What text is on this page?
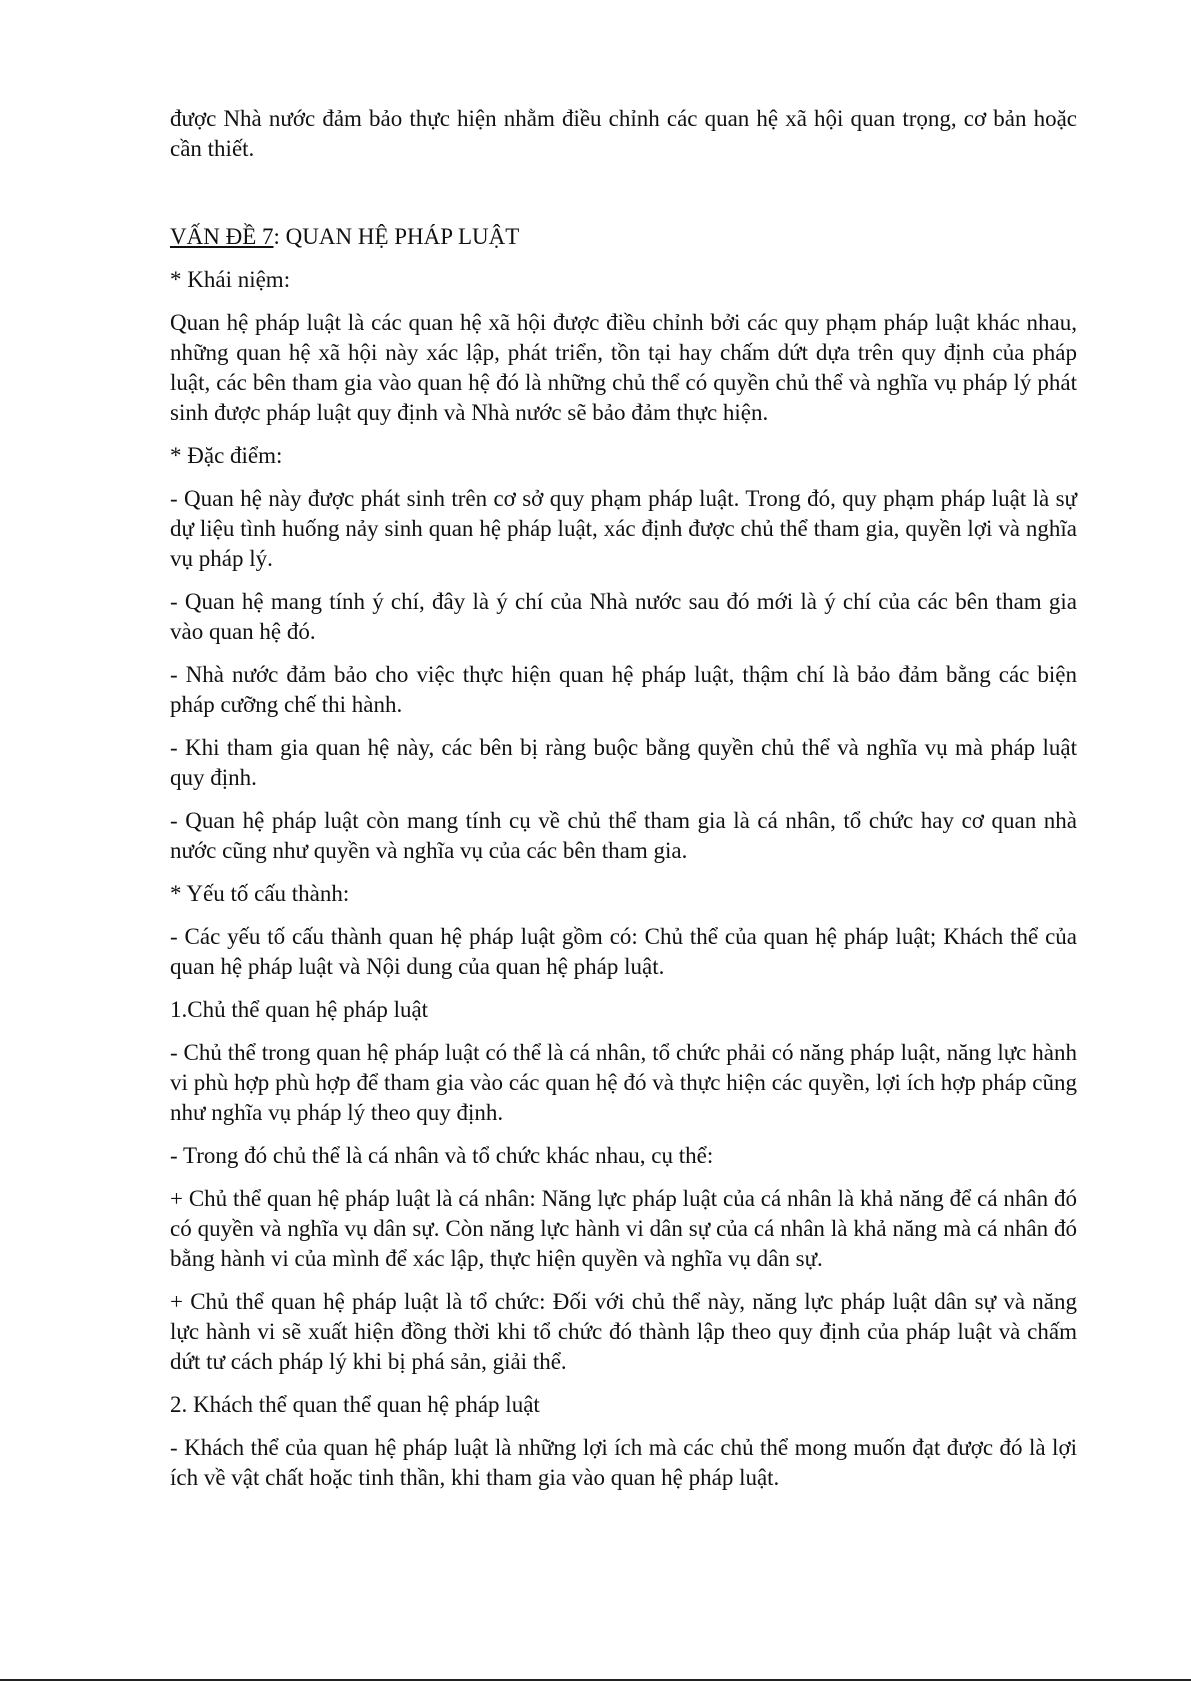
được Nhà nước đảm bảo thực hiện nhằm điều chỉnh các quan hệ xã hội quan trọng, cơ bản hoặc cần thiết.

VẤN ĐỀ 7: QUAN HỆ PHÁP LUẬT

* Khái niệm:

Quan hệ pháp luật là các quan hệ xã hội được điều chỉnh bởi các quy phạm pháp luật khác nhau, những quan hệ xã hội này xác lập, phát triển, tồn tại hay chấm dứt dựa trên quy định của pháp luật, các bên tham gia vào quan hệ đó là những chủ thể có quyền chủ thể và nghĩa vụ pháp lý phát sinh được pháp luật quy định và Nhà nước sẽ bảo đảm thực hiện.

* Đặc điểm:

- Quan hệ này được phát sinh trên cơ sở quy phạm pháp luật. Trong đó, quy phạm pháp luật là sự dự liệu tình huống nảy sinh quan hệ pháp luật, xác định được chủ thể tham gia, quyền lợi và nghĩa vụ pháp lý.

- Quan hệ mang tính ý chí, đây là ý chí của Nhà nước sau đó mới là ý chí của các bên tham gia vào quan hệ đó.

- Nhà nước đảm bảo cho việc thực hiện quan hệ pháp luật, thậm chí là bảo đảm bằng các biện pháp cưỡng chế thi hành.

- Khi tham gia quan hệ này, các bên bị ràng buộc bằng quyền chủ thể và nghĩa vụ mà pháp luật quy định.

- Quan hệ pháp luật còn mang tính cụ về chủ thể tham gia là cá nhân, tổ chức hay cơ quan nhà nước cũng như quyền và nghĩa vụ của các bên tham gia.

* Yếu tố cấu thành:

- Các yếu tố cấu thành quan hệ pháp luật gồm có: Chủ thể của quan hệ pháp luật; Khách thể của quan hệ pháp luật và Nội dung của quan hệ pháp luật.

1.Chủ thể quan hệ pháp luật

- Chủ thể trong quan hệ pháp luật có thể là cá nhân, tổ chức phải có năng pháp luật, năng lực hành vi phù hợp phù hợp để tham gia vào các quan hệ đó và thực hiện các quyền, lợi ích hợp pháp cũng như nghĩa vụ pháp lý theo quy định.

- Trong đó chủ thể là cá nhân và tổ chức khác nhau, cụ thể:

+ Chủ thể quan hệ pháp luật là cá nhân: Năng lực pháp luật của cá nhân là khả năng để cá nhân đó có quyền và nghĩa vụ dân sự. Còn năng lực hành vi dân sự của cá nhân là khả năng mà cá nhân đó bằng hành vi của mình để xác lập, thực hiện quyền và nghĩa vụ dân sự.

+ Chủ thể quan hệ pháp luật là tổ chức: Đối với chủ thể này, năng lực pháp luật dân sự và năng lực hành vi sẽ xuất hiện đồng thời khi tổ chức đó thành lập theo quy định của pháp luật và chấm dứt tư cách pháp lý khi bị phá sản, giải thể.

2. Khách thể quan thể quan hệ pháp luật

- Khách thể của quan hệ pháp luật là những lợi ích mà các chủ thể mong muốn đạt được đó là lợi ích về vật chất hoặc tinh thần, khi tham gia vào quan hệ pháp luật.
